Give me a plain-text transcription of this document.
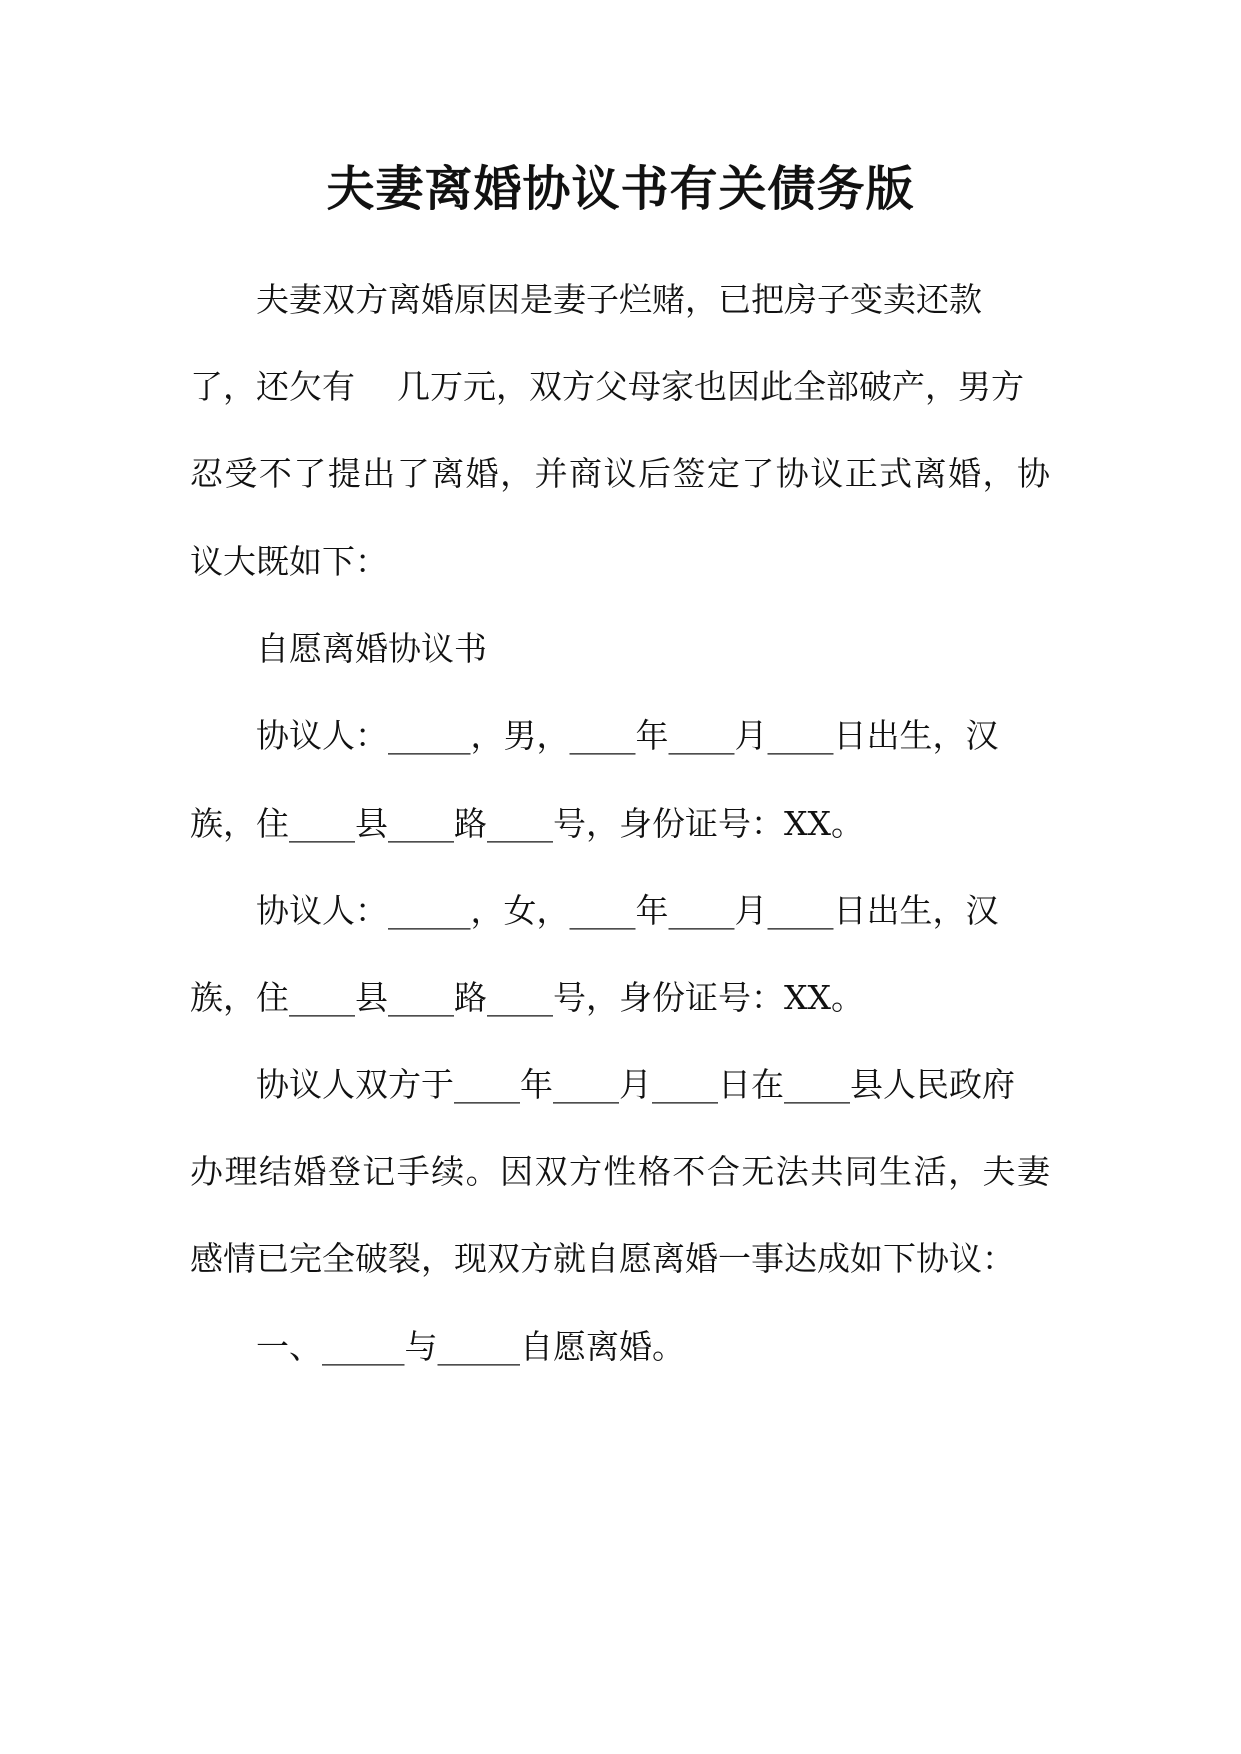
夫妻离婚协议书有关债务版

夫妻双方离婚原因是妻子烂赌，已把房子变卖还款

了，还欠有    几万元，双方父母家也因此全部破产，男方

忍受不了提出了离婚，并商议后签定了协议正式离婚，协

议大既如下：

自愿离婚协议书

协议人：_____，男，____年____月____日出生，汉

族，住____县____路____号，身份证号：XX。

协议人：_____，女，____年____月____日出生，汉

族，住____县____路____号，身份证号：XX。

协议人双方于____年____月____日在____县人民政府

办理结婚登记手续。因双方性格不合无法共同生活，夫妻

感情已完全破裂，现双方就自愿离婚一事达成如下协议：

一、_____与_____自愿离婚。
